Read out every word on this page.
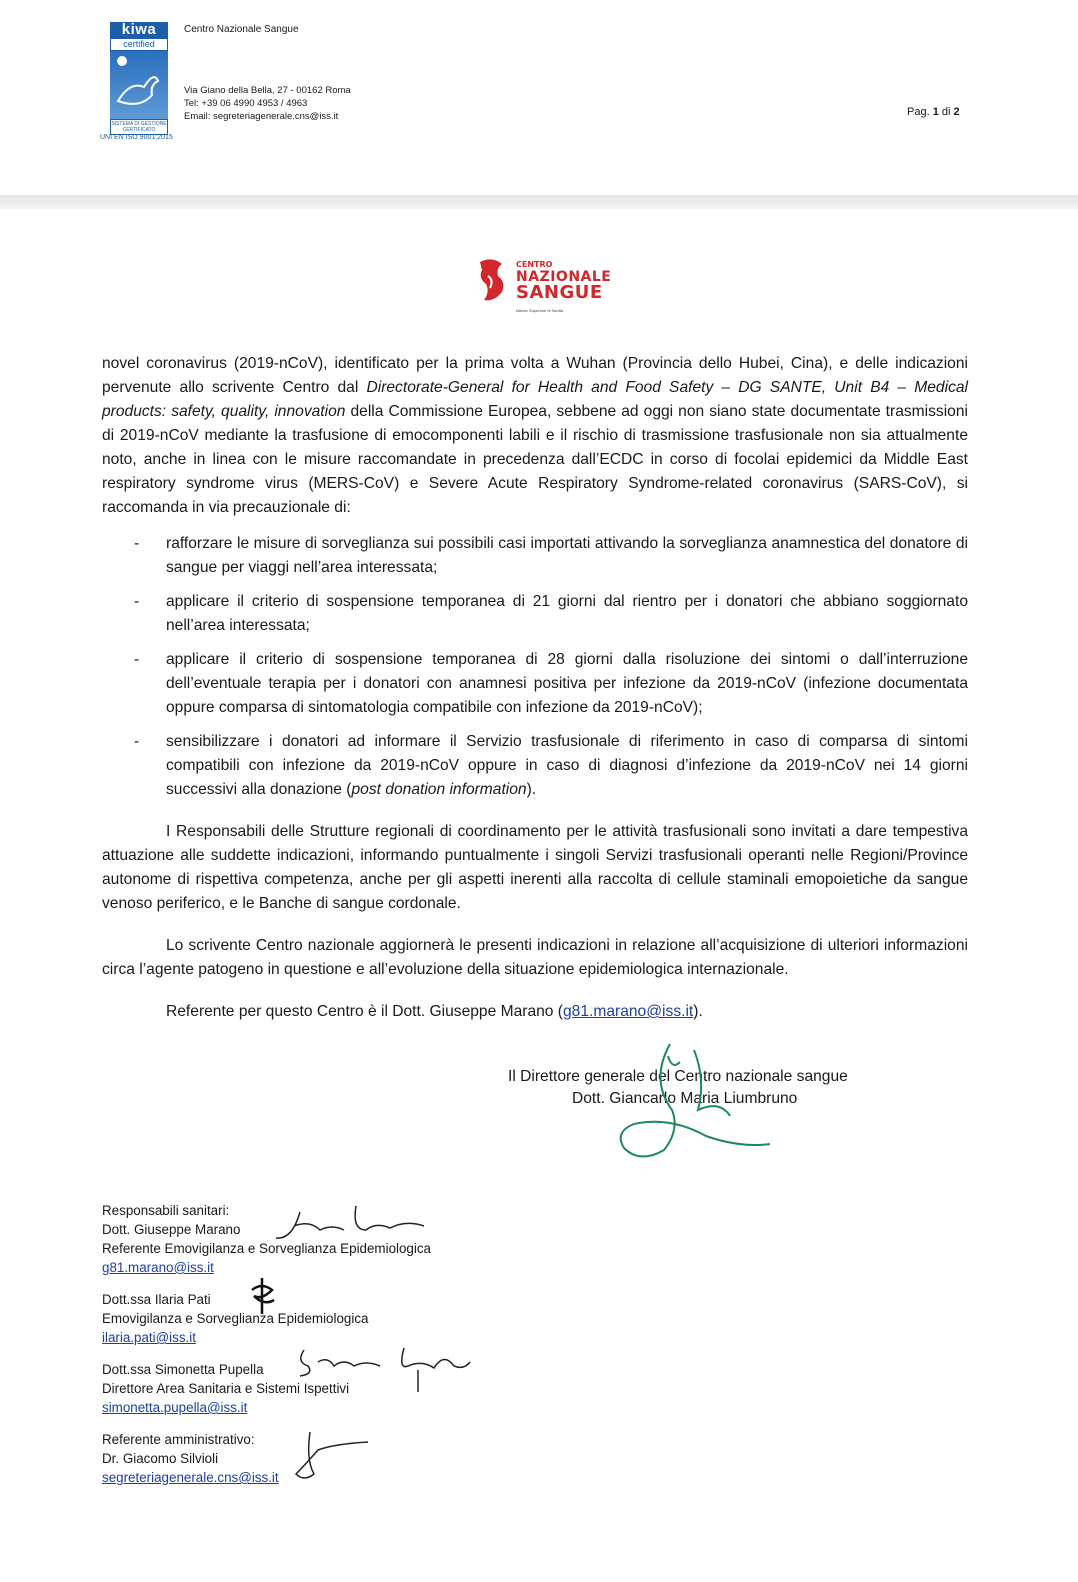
kiwa
certified
SISTEMA DI GESTIONE CERTIFICATO
UNI EN ISO 9001:2015
Centro Nazionale Sangue
Via Giano della Bella, 27 - 00162 Roma
Tel: +39 06 4990 4953 / 4963
Email: segreteriagenerale.cns@iss.it	Pag. 1 di 2
CENTRO
NAZIONALE
SANGUE
Istituto Superiore di Sanità

novel coronavirus (2019-nCoV), identificato per la prima volta a Wuhan (Provincia dello Hubei, Cina), e delle indicazioni pervenute allo scrivente Centro dal Directorate-General for Health and Food Safety – DG SANTE, Unit B4 – Medical products: safety, quality, innovation della Commissione Europea, sebbene ad oggi non siano state documentate trasmissioni di 2019-nCoV mediante la trasfusione di emocomponenti labili e il rischio di trasmissione trasfusionale non sia attualmente noto, anche in linea con le misure raccomandate in precedenza dall’ECDC in corso di focolai epidemici da Middle East respiratory syndrome virus (MERS-CoV) e Severe Acute Respiratory Syndrome-related coronavirus (SARS-CoV), si raccomanda in via precauzionale di:

- rafforzare le misure di sorveglianza sui possibili casi importati attivando la sorveglianza anamnestica del donatore di sangue per viaggi nell’area interessata;
- applicare il criterio di sospensione temporanea di 21 giorni dal rientro per i donatori che abbiano soggiornato nell’area interessata;
- applicare il criterio di sospensione temporanea di 28 giorni dalla risoluzione dei sintomi o dall’interruzione dell’eventuale terapia per i donatori con anamnesi positiva per infezione da 2019-nCoV (infezione documentata oppure comparsa di sintomatologia compatibile con infezione da 2019-nCoV);
- sensibilizzare i donatori ad informare il Servizio trasfusionale di riferimento in caso di comparsa di sintomi compatibili con infezione da 2019-nCoV oppure in caso di diagnosi d’infezione da 2019-nCoV nei 14 giorni successivi alla donazione (post donation information).

I Responsabili delle Strutture regionali di coordinamento per le attività trasfusionali sono invitati a dare tempestiva attuazione alle suddette indicazioni, informando puntualmente i singoli Servizi trasfusionali operanti nelle Regioni/Province autonome di rispettiva competenza, anche per gli aspetti inerenti alla raccolta di cellule staminali emopoietiche da sangue venoso periferico, e le Banche di sangue cordonale.

Lo scrivente Centro nazionale aggiornerà le presenti indicazioni in relazione all’acquisizione di ulteriori informazioni circa l’agente patogeno in questione e all’evoluzione della situazione epidemiologica internazionale.

Referente per questo Centro è il Dott. Giuseppe Marano (g81.marano@iss.it).

Il Direttore generale del Centro nazionale sangue
Dott. Giancarlo Maria Liumbruno
Responsabili sanitari:
Dott. Giuseppe Marano
Referente Emovigilanza e Sorveglianza Epidemiologica
g81.marano@iss.it
Dott.ssa Ilaria Pati
Emovigilanza e Sorveglianza Epidemiologica
ilaria.pati@iss.it
Dott.ssa Simonetta Pupella
Direttore Area Sanitaria e Sistemi Ispettivi
simonetta.pupella@iss.it
Referente amministrativo:
Dr. Giacomo Silvioli
segreteriagenerale.cns@iss.it
